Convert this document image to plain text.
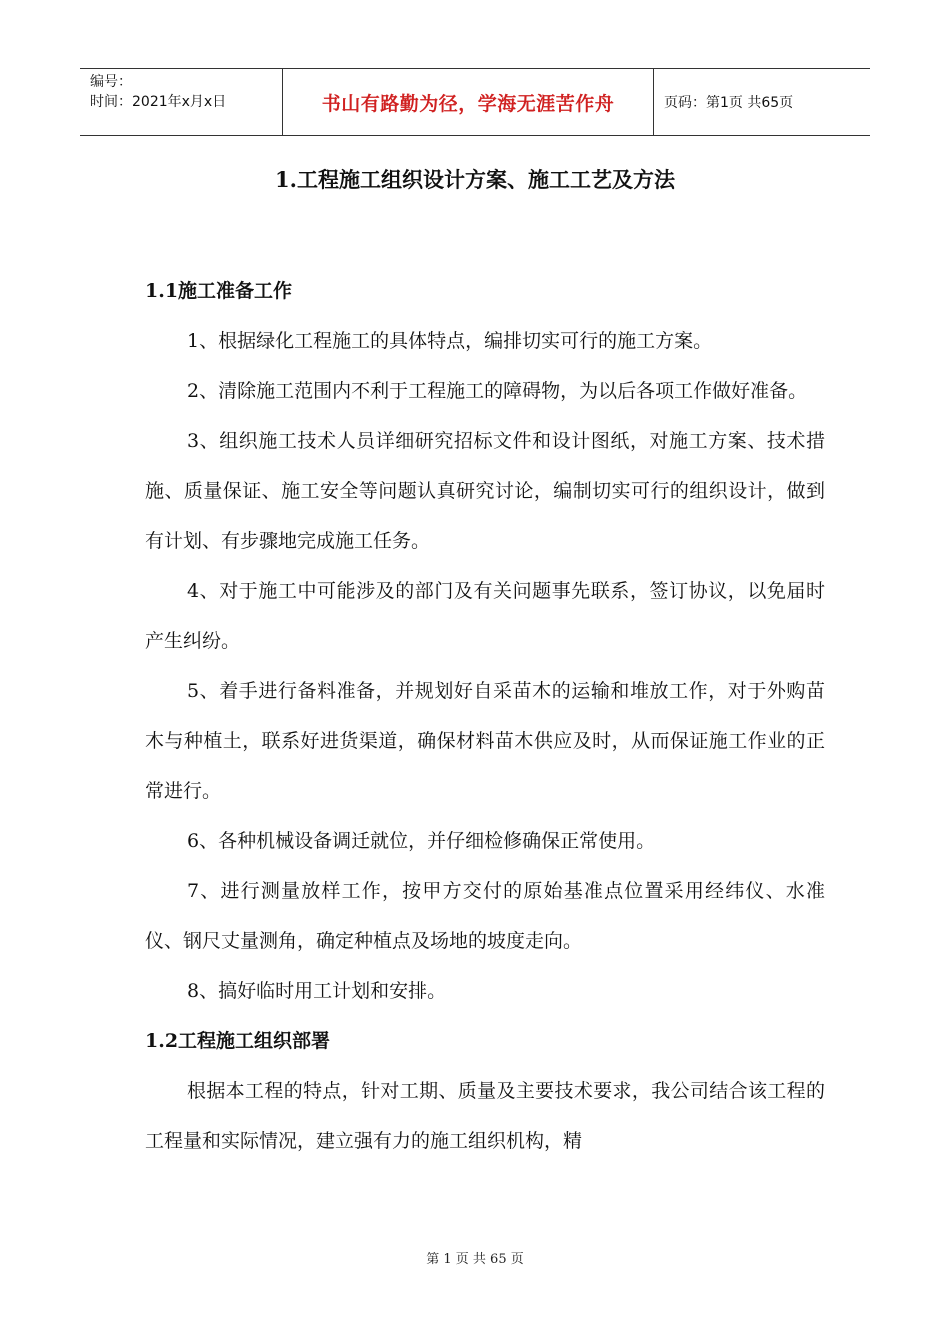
编号：
时间：2021年x月x日	书山有路勤为径，学海无涯苦作舟	页码：第1页 共65页
1.工程施工组织设计方案、施工工艺及方法
1.1施工准备工作

1、根据绿化工程施工的具体特点，编排切实可行的施工方案。

2、清除施工范围内不利于工程施工的障碍物，为以后各项工作做好准备。

3、组织施工技术人员详细研究招标文件和设计图纸，对施工方案、技术措施、质量保证、施工安全等问题认真研究讨论，编制切实可行的组织设计，做到有计划、有步骤地完成施工任务。

4、对于施工中可能涉及的部门及有关问题事先联系，签订协议，以免届时产生纠纷。

5、着手进行备料准备，并规划好自采苗木的运输和堆放工作，对于外购苗木与种植土，联系好进货渠道，确保材料苗木供应及时，从而保证施工作业的正常进行。

6、各种机械设备调迁就位，并仔细检修确保正常使用。

7、进行测量放样工作，按甲方交付的原始基准点位置采用经纬仪、水准仪、钢尺丈量测角，确定种植点及场地的坡度走向。

8、搞好临时用工计划和安排。

1.2工程施工组织部署

根据本工程的特点，针对工期、质量及主要技术要求，我公司结合该工程的工程量和实际情况，建立强有力的施工组织机构，精

第 1 页 共 65 页
